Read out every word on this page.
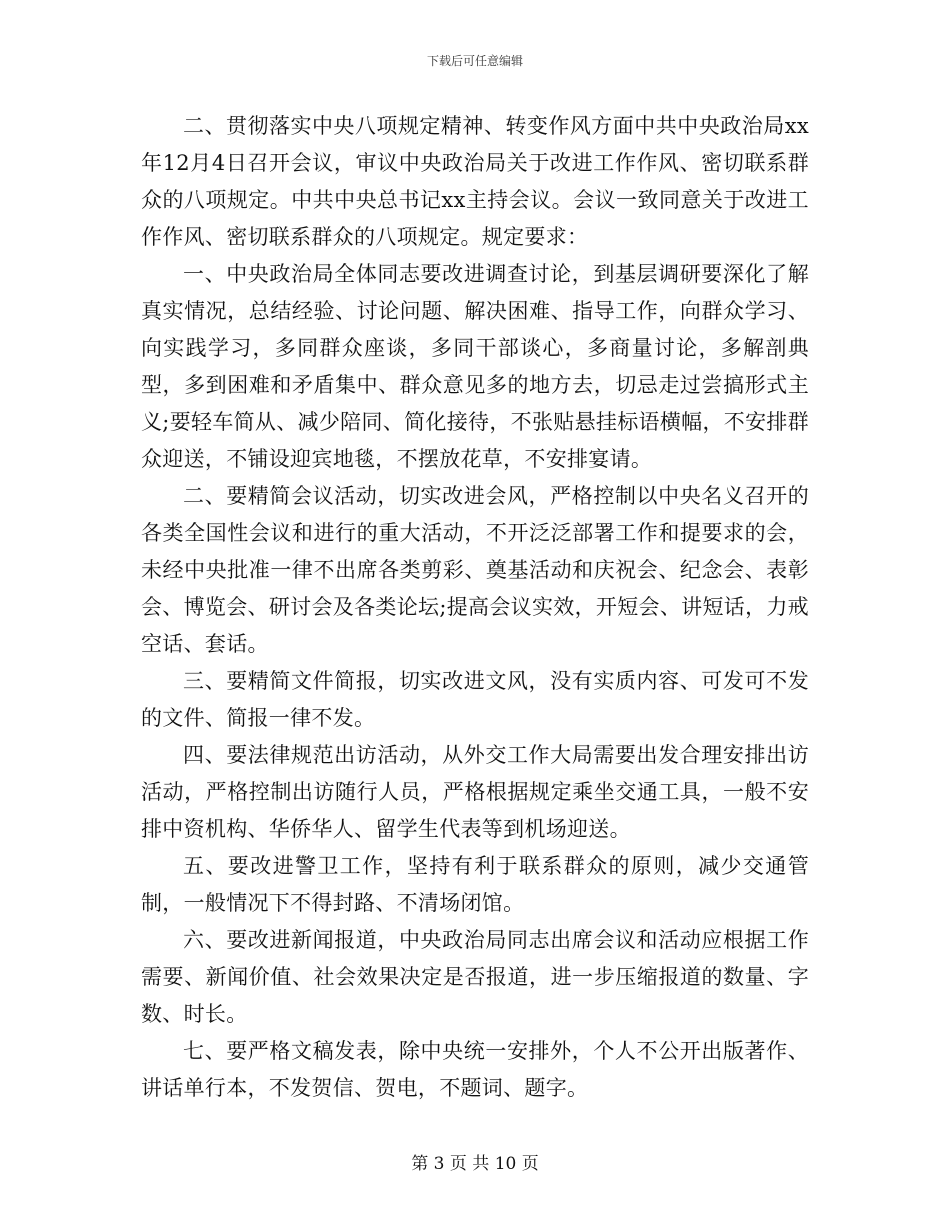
下载后可任意编辑

二、贯彻落实中央八项规定精神、转变作风方面中共中央政治局xx年12月4日召开会议，审议中央政治局关于改进工作作风、密切联系群众的八项规定。中共中央总书记xx主持会议。会议一致同意关于改进工作作风、密切联系群众的八项规定。规定要求：

一、中央政治局全体同志要改进调查讨论，到基层调研要深化了解真实情况，总结经验、讨论问题、解决困难、指导工作，向群众学习、向实践学习，多同群众座谈，多同干部谈心，多商量讨论，多解剖典型，多到困难和矛盾集中、群众意见多的地方去，切忌走过尝搞形式主义;要轻车简从、减少陪同、简化接待，不张贴悬挂标语横幅，不安排群众迎送，不铺设迎宾地毯，不摆放花草，不安排宴请。

二、要精简会议活动，切实改进会风，严格控制以中央名义召开的各类全国性会议和进行的重大活动，不开泛泛部署工作和提要求的会，未经中央批准一律不出席各类剪彩、奠基活动和庆祝会、纪念会、表彰会、博览会、研讨会及各类论坛;提高会议实效，开短会、讲短话，力戒空话、套话。

三、要精简文件简报，切实改进文风，没有实质内容、可发可不发的文件、简报一律不发。

四、要法律规范出访活动，从外交工作大局需要出发合理安排出访活动，严格控制出访随行人员，严格根据规定乘坐交通工具，一般不安排中资机构、华侨华人、留学生代表等到机场迎送。

五、要改进警卫工作，坚持有利于联系群众的原则，减少交通管制，一般情况下不得封路、不清场闭馆。

六、要改进新闻报道，中央政治局同志出席会议和活动应根据工作需要、新闻价值、社会效果决定是否报道，进一步压缩报道的数量、字数、时长。

七、要严格文稿发表，除中央统一安排外，个人不公开出版著作、讲话单行本，不发贺信、贺电，不题词、题字。

第 3 页 共 10 页
